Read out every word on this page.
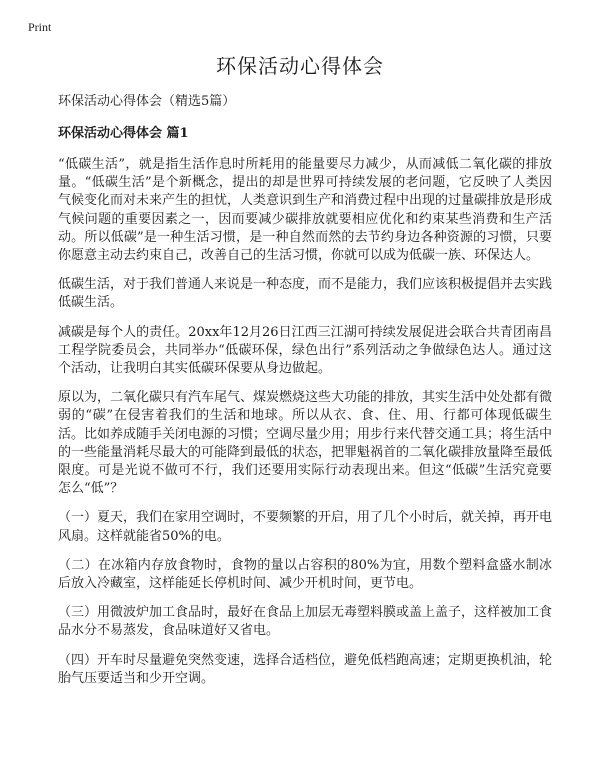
Print
环保活动心得体会

环保活动心得体会（精选5篇）

环保活动心得体会 篇1

“低碳生活”，就是指生活作息时所耗用的能量要尽力减少，从而减低二氧化碳的排放量。“低碳生活”是个新概念，提出的却是世界可持续发展的老问题，它反映了人类因气候变化而对未来产生的担忧，人类意识到生产和消费过程中出现的过量碳排放是形成气候问题的重要因素之一，因而要减少碳排放就要相应优化和约束某些消费和生产活动。所以低碳”是一种生活习惯，是一种自然而然的去节约身边各种资源的习惯，只要你愿意主动去约束自己，改善自己的生活习惯，你就可以成为低碳一族、环保达人。

低碳生活，对于我们普通人来说是一种态度，而不是能力，我们应该积极提倡并去实践低碳生活。

减碳是每个人的责任。20xx年12月26日江西三江湖可持续发展促进会联合共青团南昌工程学院委员会，共同举办“低碳环保，绿色出行”系列活动之争做绿色达人。通过这个活动，让我明白其实低碳环保要从身边做起。

原以为，二氧化碳只有汽车尾气、煤炭燃烧这些大功能的排放，其实生活中处处都有微弱的“碳”在侵害着我们的生活和地球。所以从衣、食、住、用、行都可体现低碳生活。比如养成随手关闭电源的习惯；空调尽量少用；用步行来代替交通工具；将生活中的一些能量消耗尽最大的可能降到最低的状态，把罪魁祸首的二氧化碳排放量降至最低限度。可是光说不做可不行，我们还要用实际行动表现出来。但这“低碳”生活究竟要怎么“低”？

（一）夏天，我们在家用空调时，不要频繁的开启，用了几个小时后，就关掉，再开电风扇。这样就能省50%的电。

（二）在冰箱内存放食物时，食物的量以占容积的80%为宜，用数个塑料盒盛水制冰后放入冷藏室，这样能延长停机时间、减少开机时间，更节电。

（三）用微波炉加工食品时，最好在食品上加层无毒塑料膜或盖上盖子，这样被加工食品水分不易蒸发，食品味道好又省电。

（四）开车时尽量避免突然变速，选择合适档位，避免低档跑高速；定期更换机油，轮胎气压要适当和少开空调。
